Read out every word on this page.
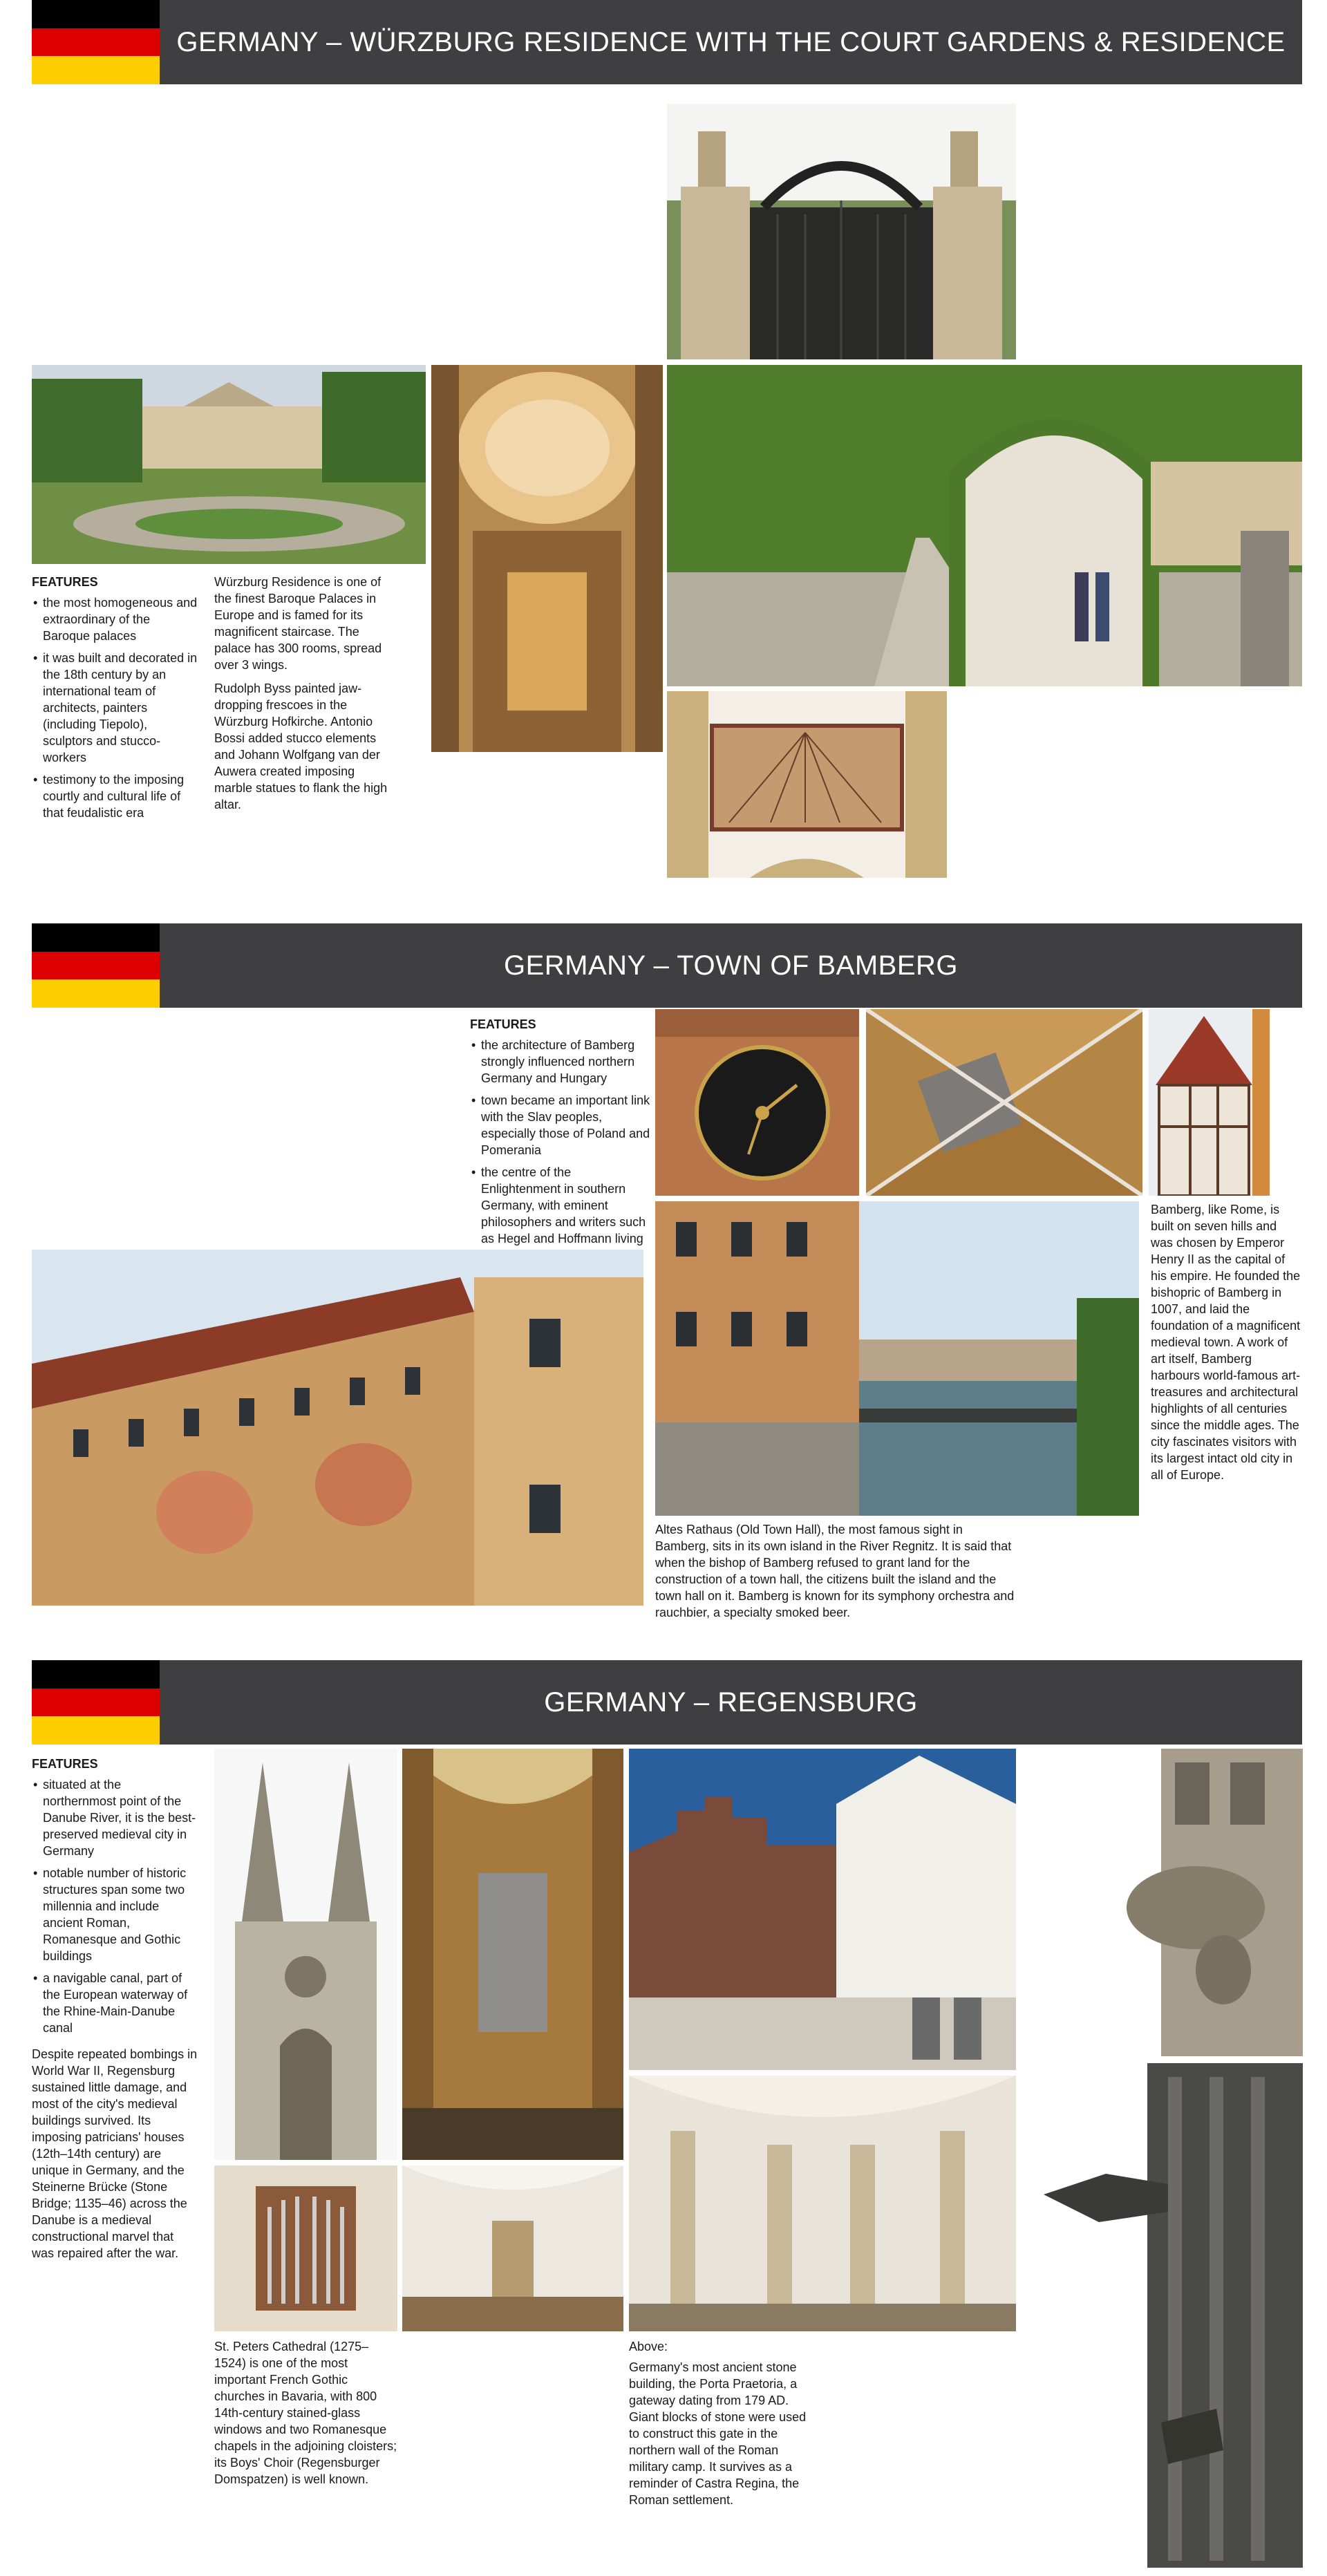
GERMANY – WÜRZBURG RESIDENCE WITH THE COURT GARDENS & RESIDENCE
FEATURES
• the most homogeneous and extraordinary of the Baroque palaces
• it was built and decorated in the 18th century by an international team of architects, painters (including Tiepolo), sculptors and stucco-workers
• testimony to the imposing courtly and cultural life of that feudalistic era

Würzburg Residence is one of the finest Baroque Palaces in Europe and is famed for its magnificent staircase. The palace has 300 rooms, spread over 3 wings.

Rudolph Byss painted jaw-dropping frescoes in the Würzburg Hofkirche. Antonio Bossi added stucco elements and Johann Wolfgang van der Auwera created imposing marble statues to flank the high altar.

GERMANY – TOWN OF BAMBERG
FEATURES
• the architecture of Bamberg strongly influenced northern Germany and Hungary
• town became an important link with the Slav peoples, especially those of Poland and Pomerania
• the centre of the Enlightenment in southern Germany, with eminent philosophers and writers such as Hegel and Hoffmann living
Bamberg, like Rome, is built on seven hills and was chosen by Emperor Henry II as the capital of his empire. He founded the bishopric of Bamberg in 1007, and laid the foundation of a magnificent medieval town. A work of art itself, Bamberg harbours world-famous art-treasures and architectural highlights of all centuries since the middle ages. The city fascinates visitors with its largest intact old city in all of Europe.
Altes Rathaus (Old Town Hall), the most famous sight in Bamberg, sits in its own island in the River Regnitz. It is said that when the bishop of Bamberg refused to grant land for the construction of a town hall, the citizens built the island and the town hall on it. Bamberg is known for its symphony orchestra and rauchbier, a specialty smoked beer.
GERMANY – REGENSBURG
FEATURES
• situated at the northernmost point of the Danube River, it is the best-preserved medieval city in Germany
• notable number of historic structures span some two millennia and include ancient Roman, Romanesque and Gothic buildings
• a navigable canal, part of the European waterway of the Rhine-Main-Danube canal

Despite repeated bombings in World War II, Regensburg sustained little damage, and most of the city's medieval buildings survived. Its imposing patricians' houses (12th–14th century) are unique in Germany, and the Steinerne Brücke (Stone Bridge; 1135–46) across the Danube is a medieval constructional marvel that was repaired after the war.

St. Peters Cathedral (1275–1524) is one of the most important French Gothic churches in Bavaria, with 800 14th-century stained-glass windows and two Romanesque chapels in the adjoining cloisters; its Boys' Choir (Regensburger Domspatzen) is well known.

Above:

Germany's most ancient stone building, the Porta Praetoria, a gateway dating from 179 AD. Giant blocks of stone were used to construct this gate in the northern wall of the Roman military camp. It survives as a reminder of Castra Regina, the Roman settlement.
